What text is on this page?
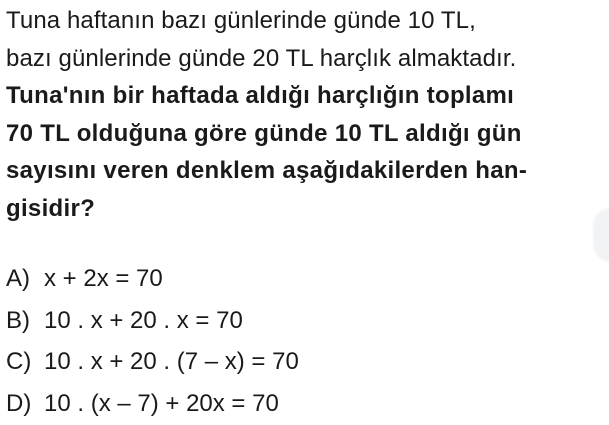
Tuna haftanın bazı günlerinde günde 10 TL,
bazı günlerinde günde 20 TL harçlık almaktadır.
Tuna'nın bir haftada aldığı harçlığın toplamı
70 TL olduğuna göre günde 10 TL aldığı gün
sayısını veren denklem aşağıdakilerden han-
gisidir?
A) x + 2x = 70
B) 10 . x + 20 . x = 70
C) 10 . x + 20 . (7 – x) = 70
D) 10 . (x – 7) + 20x = 70
